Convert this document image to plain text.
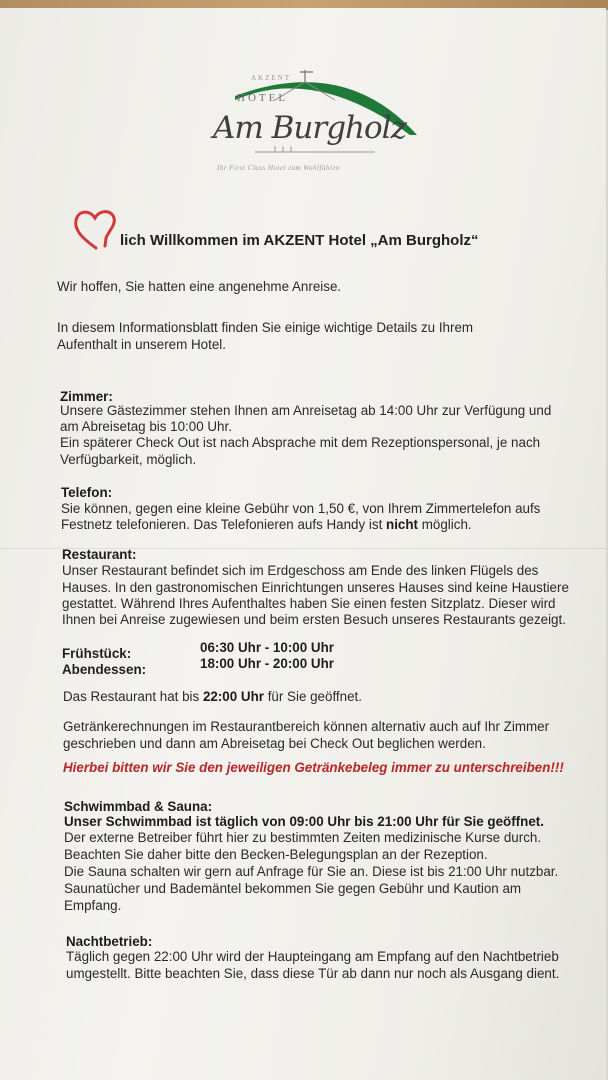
AKZENT
HOTEL
Am Burgholz
Ihr First Class Hotel zum Wohlfühlen
lich Willkommen im AKZENT Hotel „Am Burgholz“
Wir hoffen, Sie hatten eine angenehme Anreise.
In diesem Informationsblatt finden Sie einige wichtige Details zu Ihrem
Aufenthalt in unserem Hotel.
Zimmer:
Unsere Gästezimmer stehen Ihnen am Anreisetag ab 14:00 Uhr zur Verfügung und
am Abreisetag bis 10:00 Uhr.
Ein späterer Check Out ist nach Absprache mit dem Rezeptionspersonal, je nach
Verfügbarkeit, möglich.
Telefon:
Sie können, gegen eine kleine Gebühr von 1,50 €, von Ihrem Zimmertelefon aufs
Festnetz telefonieren. Das Telefonieren aufs Handy ist nicht möglich.
Restaurant:
Unser Restaurant befindet sich im Erdgeschoss am Ende des linken Flügels des
Hauses. In den gastronomischen Einrichtungen unseres Hauses sind keine Haustiere
gestattet. Während Ihres Aufenthaltes haben Sie einen festen Sitzplatz. Dieser wird
Ihnen bei Anreise zugewiesen und beim ersten Besuch unseres Restaurants gezeigt.
Frühstück:	06:30 Uhr - 10:00 Uhr
Abendessen:	18:00 Uhr - 20:00 Uhr
Das Restaurant hat bis 22:00 Uhr für Sie geöffnet.
Getränkerechnungen im Restaurantbereich können alternativ auch auf Ihr Zimmer
geschrieben und dann am Abreisetag bei Check Out beglichen werden.
Hierbei bitten wir Sie den jeweiligen Getränkebeleg immer zu unterschreiben!!!
Schwimmbad & Sauna:
Unser Schwimmbad ist täglich von 09:00 Uhr bis 21:00 Uhr für Sie geöffnet.
Der externe Betreiber führt hier zu bestimmten Zeiten medizinische Kurse durch.
Beachten Sie daher bitte den Becken-Belegungsplan an der Rezeption.
Die Sauna schalten wir gern auf Anfrage für Sie an. Diese ist bis 21:00 Uhr nutzbar.
Saunatücher und Bademäntel bekommen Sie gegen Gebühr und Kaution am
Empfang.
Nachtbetrieb:
Täglich gegen 22:00 Uhr wird der Haupteingang am Empfang auf den Nachtbetrieb
umgestellt. Bitte beachten Sie, dass diese Tür ab dann nur noch als Ausgang dient.
